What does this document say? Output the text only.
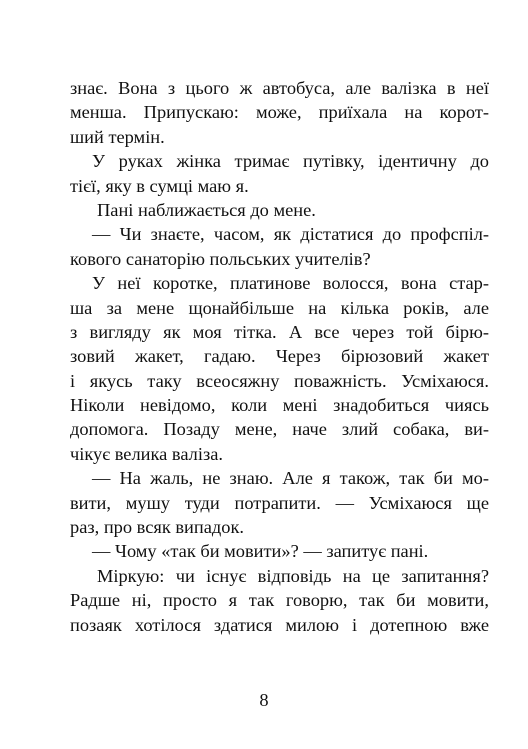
знає. Вона з цього ж автобуса, але валізка в неї
менша. Припускаю: може, приїхала на корот-
ший термін.
У руках жінка тримає путівку, ідентичну до
тієї, яку в сумці маю я.
Пані наближається до мене.
— Чи знаєте, часом, як дістатися до профспіл-
кового санаторію польських учителів?
У неї коротке, платинове волосся, вона стар-
ша за мене щонайбільше на кілька років, але
з вигляду як моя тітка. А все через той бірю-
зовий жакет, гадаю. Через бірюзовий жакет
і якусь таку всеосяжну поважність. Усміхаюся.
Ніколи невідомо, коли мені знадобиться чиясь
допомога. Позаду мене, наче злий собака, ви-
чікує велика валіза.
— На жаль, не знаю. Але я також, так би мо-
вити, мушу туди потрапити. — Усміхаюся ще
раз, про всяк випадок.
— Чому «так би мовити»? — запитує пані.
Міркую: чи існує відповідь на це запитання?
Радше ні, просто я так говорю, так би мовити,
позаяк хотілося здатися милою і дотепною вже
8
